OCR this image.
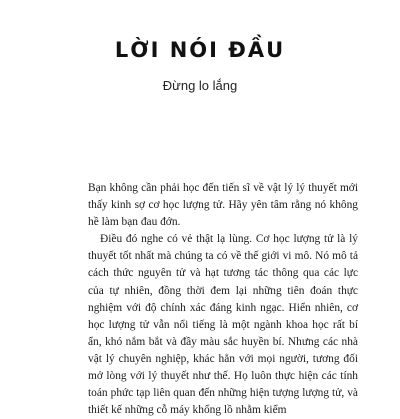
LỜI NÓI ĐẦU
Đừng lo lắng

Bạn không cần phải học đến tiến sĩ về vật lý lý thuyết mới thấy kinh sợ cơ học lượng tử. Hãy yên tâm rằng nó không hề làm bạn đau đớn.

Điều đó nghe có vẻ thật lạ lùng. Cơ học lượng tử là lý thuyết tốt nhất mà chúng ta có về thế giới vi mô. Nó mô tả cách thức nguyên tử và hạt tương tác thông qua các lực của tự nhiên, đồng thời đem lại những tiên đoán thực nghiệm với độ chính xác đáng kinh ngạc. Hiển nhiên, cơ học lượng tử vẫn nổi tiếng là một ngành khoa học rất bí ẩn, khó nắm bắt và đầy màu sắc huyền bí. Nhưng các nhà vật lý chuyên nghiệp, khác hẳn với mọi người, tương đối mở lòng với lý thuyết như thế. Họ luôn thực hiện các tính toán phức tạp liên quan đến những hiện tượng lượng tử, và thiết kế những cỗ máy khổng lồ nhằm kiểm
